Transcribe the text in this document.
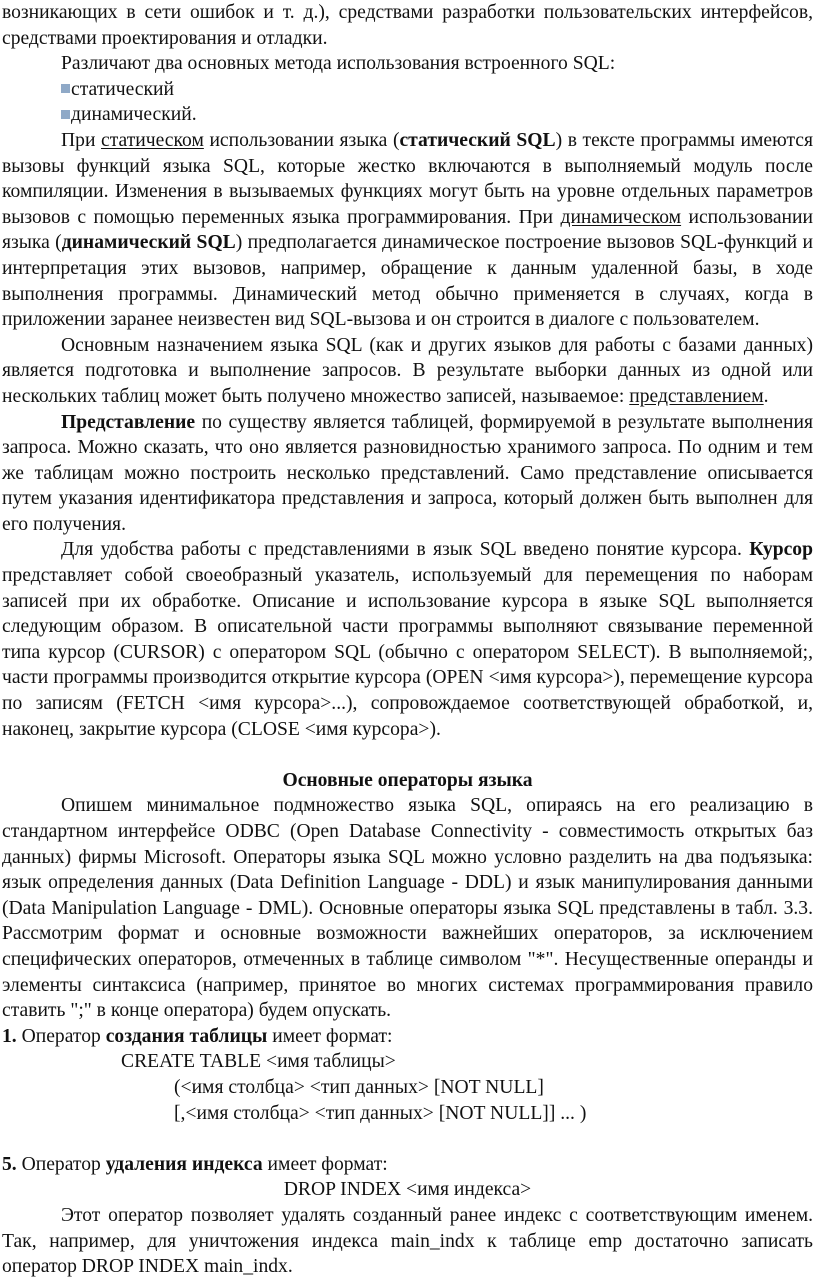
возникающих в сети ошибок и т. д.), средствами разработки пользовательских интерфейсов, средствами проектирования и отладки.

Различают два основных метода использования встроенного SQL:

статический
динамический.

При статическом использовании языка (статический SQL) в тексте программы имеются вызовы функций языка SQL, которые жестко включаются в выполняемый модуль после компиляции. Изменения в вызываемых функциях могут быть на уровне отдельных параметров вызовов с помощью переменных языка программирования. При динамическом использовании языка (динамический SQL) предполагается динамическое построение вызовов SQL-функций и интерпретация этих вызовов, например, обращение к данным удаленной базы, в ходе выполнения программы. Динамический метод обычно применяется в случаях, когда в приложении заранее неизвестен вид SQL-вызова и он строится в диалоге с пользователем.

Основным назначением языка SQL (как и других языков для работы с базами данных) является подготовка и выполнение запросов. В результате выборки данных из одной или нескольких таблиц может быть получено множество записей, называемое: представлением.

Представление по существу является таблицей, формируемой в результате выполнения запроса. Можно сказать, что оно является разновидностью хранимого запроса. По одним и тем же таблицам можно построить несколько представлений. Само представление описывается путем указания идентификатора представления и запроса, который должен быть выполнен для его получения.

Для удобства работы с представлениями в язык SQL введено понятие курсора. Курсор представляет собой своеобразный указатель, используемый для перемещения по наборам записей при их обработке. Описание и использование курсора в языке SQL выполняется следующим образом. В описательной части программы выполняют связывание переменной типа курсор (CURSOR) с оператором SQL (обычно с оператором SELECT). В выполняемой;, части программы производится открытие курсора (OPEN <имя курсора>), перемещение курсора по записям (FETCH <имя курсора>...), сопровождаемое соответствующей обработкой, и, наконец, закрытие курсора (CLOSE <имя курсора>).

Основные операторы языка

Опишем минимальное подмножество языка SQL, опираясь на его реализацию в стандартном интерфейсе ODBC (Open Database Connectivity - совместимость открытых баз данных) фирмы Microsoft. Операторы языка SQL можно условно разделить на два подъязыка: язык определения данных (Data Definition Language - DDL) и язык манипулирования данными (Data Manipulation Language - DML). Основные операторы языка SQL представлены в табл. 3.3. Рассмотрим формат и основные возможности важнейших операторов, за исключением специфических операторов, отмеченных в таблице символом "*". Несущественные операнды и элементы синтаксиса (например, принятое во многих системах программирования правило ставить ";" в конце оператора) будем опускать.

1. Оператор создания таблицы имеет формат:

CREATE TABLE <имя таблицы>

(<имя столбца> <тип данных> [NOT NULL]

[,<имя столбца> <тип данных> [NOT NULL]] ... )

5. Оператор удаления индекса имеет формат:

DROP INDEX <имя индекса>

Этот оператор позволяет удалять созданный ранее индекс с соответствующим именем. Так, например, для уничтожения индекса main_indx к таблице emp достаточно записать оператор DROP INDEX main_indx.
